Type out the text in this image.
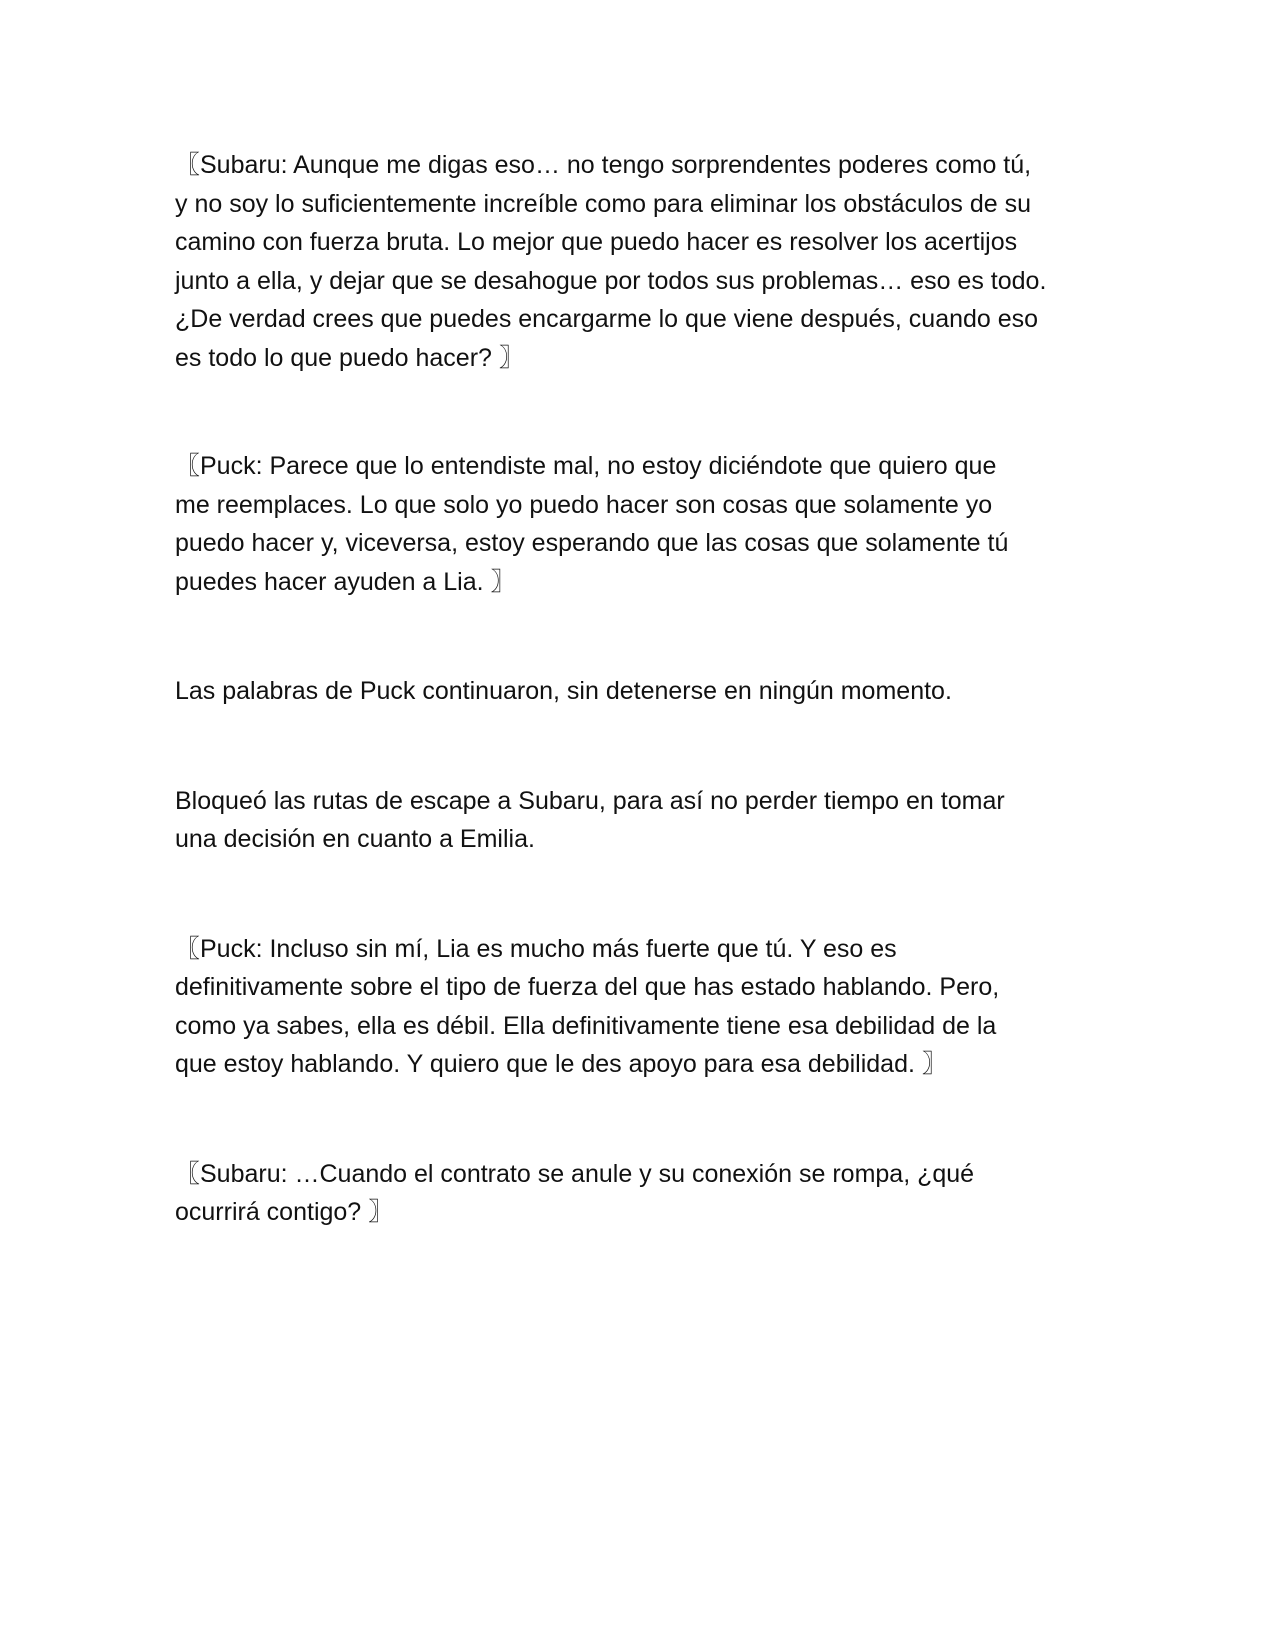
〖Subaru: Aunque me digas eso… no tengo sorprendentes poderes como tú,
y no soy lo suficientemente increíble como para eliminar los obstáculos de su
camino con fuerza bruta. Lo mejor que puedo hacer es resolver los acertijos
junto a ella, y dejar que se desahogue por todos sus problemas… eso es todo.
¿De verdad crees que puedes encargarme lo que viene después, cuando eso
es todo lo que puedo hacer? 〗

〖Puck: Parece que lo entendiste mal, no estoy diciéndote que quiero que
me reemplaces. Lo que solo yo puedo hacer son cosas que solamente yo
puedo hacer y, viceversa, estoy esperando que las cosas que solamente tú
puedes hacer ayuden a Lia. 〗

Las palabras de Puck continuaron, sin detenerse en ningún momento.

Bloqueó las rutas de escape a Subaru, para así no perder tiempo en tomar
una decisión en cuanto a Emilia.

〖Puck: Incluso sin mí, Lia es mucho más fuerte que tú. Y eso es
definitivamente sobre el tipo de fuerza del que has estado hablando. Pero,
como ya sabes, ella es débil. Ella definitivamente tiene esa debilidad de la
que estoy hablando. Y quiero que le des apoyo para esa debilidad. 〗

〖Subaru: …Cuando el contrato se anule y su conexión se rompa, ¿qué
ocurrirá contigo? 〗
